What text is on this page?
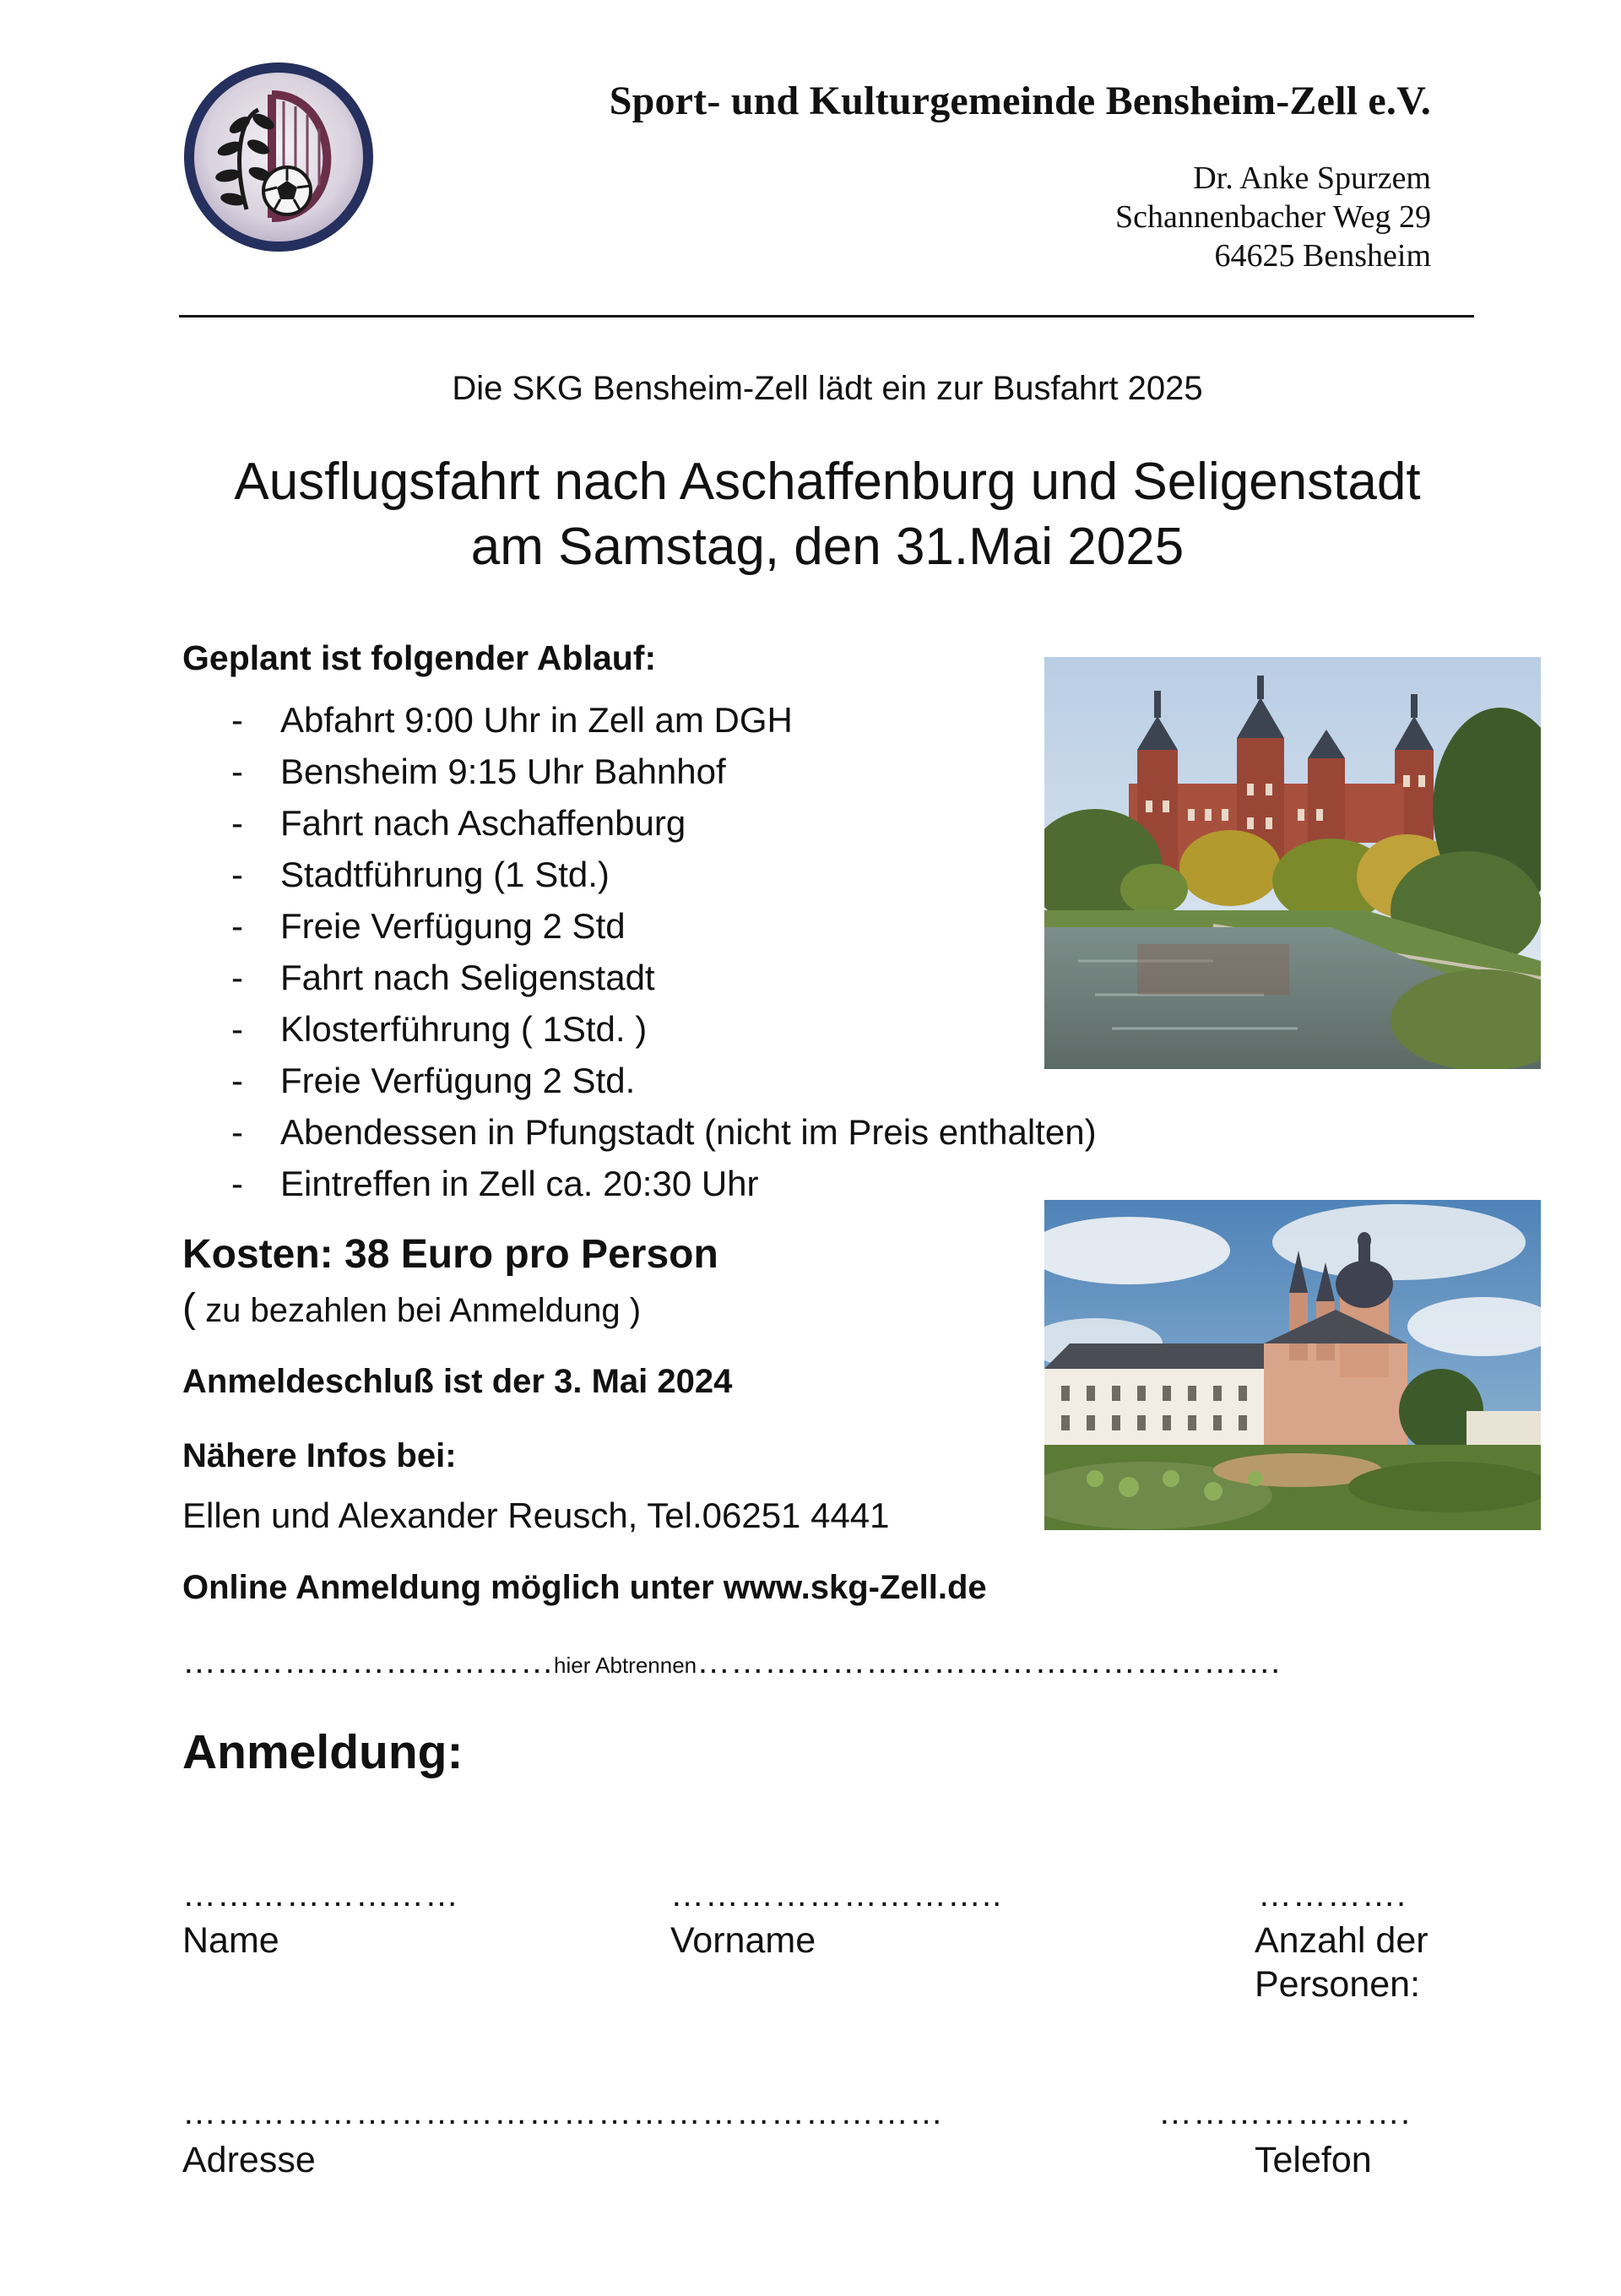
Sport- und Kulturgemeinde Bensheim-Zell e.V.
Dr. Anke Spurzem
Schannenbacher Weg 29
64625 Bensheim
Die SKG Bensheim-Zell lädt ein zur Busfahrt 2025
Ausflugsfahrt nach Aschaffenburg und Seligenstadt
am Samstag, den 31.Mai 2025
Geplant ist folgender Ablauf:
- Abfahrt 9:00 Uhr in Zell am DGH
- Bensheim 9:15 Uhr Bahnhof
- Fahrt nach Aschaffenburg
- Stadtführung (1 Std.)
- Freie Verfügung 2 Std
- Fahrt nach Seligenstadt
- Klosterführung ( 1Std. )
- Freie Verfügung 2 Std.
- Abendessen in Pfungstadt (nicht im Preis enthalten)
- Eintreffen in Zell ca. 20:30 Uhr
Kosten: 38 Euro pro Person
( zu bezahlen bei Anmeldung )
Anmeldeschluß ist der 3. Mai 2024
Nähere Infos bei:
Ellen und Alexander Reusch, Tel.06251 4441
Online Anmeldung möglich unter www.skg-Zell.de
……………………………hier Abtrennen…………………………………………….
Anmeldung:
……………………	………………………..	………….
Name	Vorname	Anzahl der
Personen:
…………………………………………………………	………………….
Adresse	Telefon
